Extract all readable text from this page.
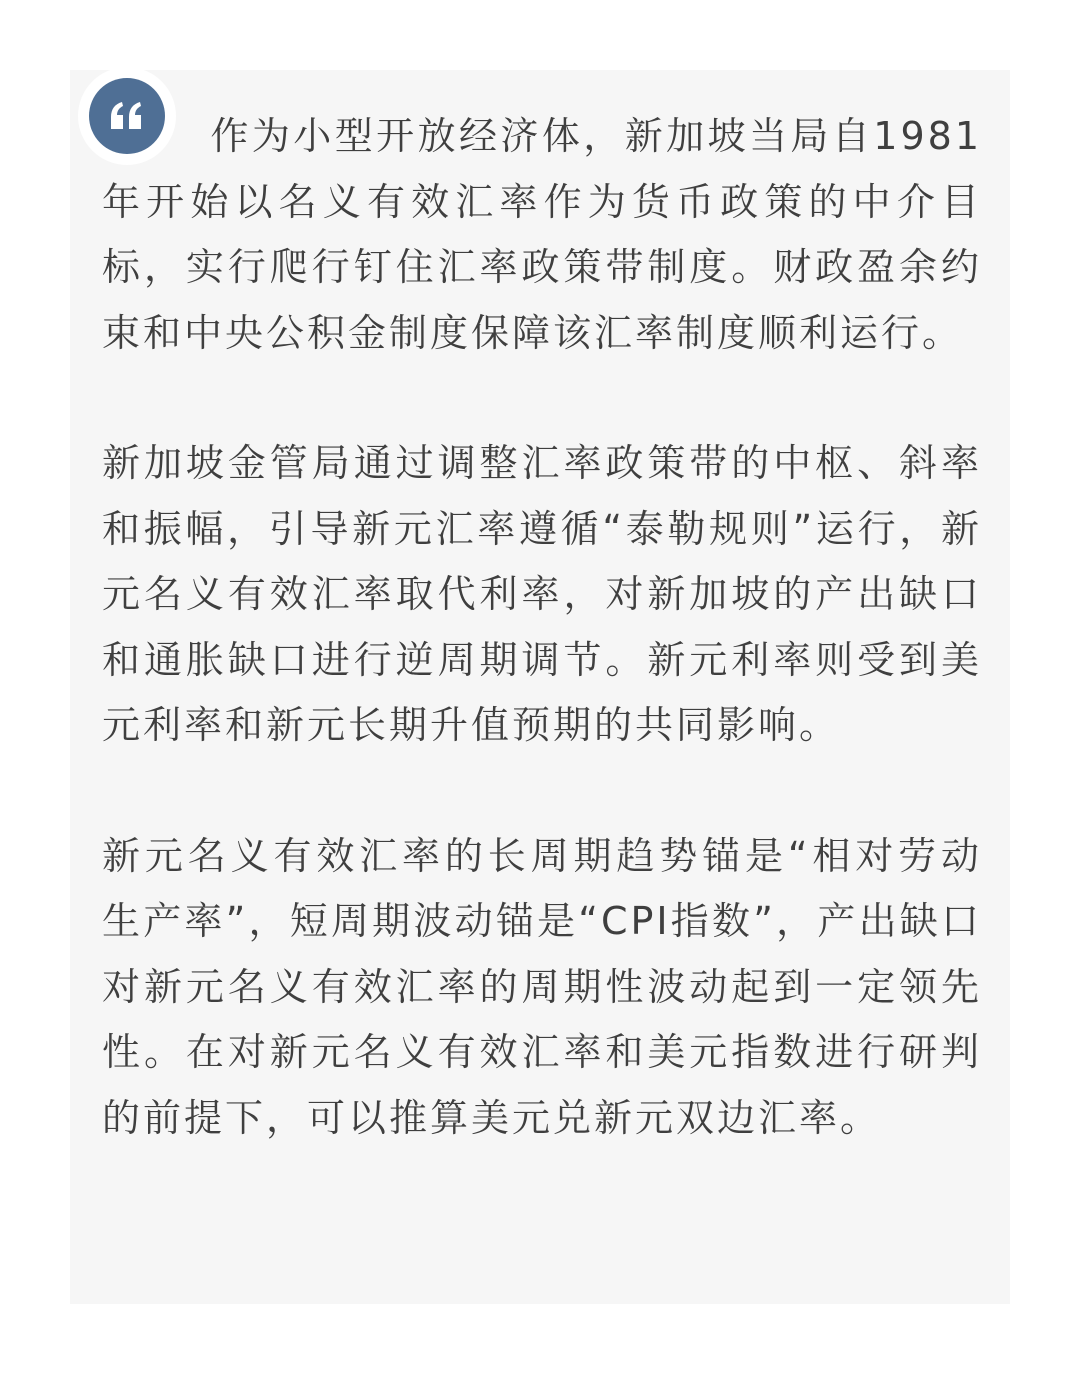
作为小型开放经济体，新加坡当局自1981年开始以名义有效汇率作为货币政策的中介目标，实行爬行钉住汇率政策带制度。财政盈余约束和中央公积金制度保障该汇率制度顺利运行。

新加坡金管局通过调整汇率政策带的中枢、斜率和振幅，引导新元汇率遵循“泰勒规则”运行，新元名义有效汇率取代利率，对新加坡的产出缺口和通胀缺口进行逆周期调节。新元利率则受到美元利率和新元长期升值预期的共同影响。

新元名义有效汇率的长周期趋势锚是“相对劳动生产率”，短周期波动锚是“CPI指数”，产出缺口对新元名义有效汇率的周期性波动起到一定领先性。在对新元名义有效汇率和美元指数进行研判的前提下，可以推算美元兑新元双边汇率。
